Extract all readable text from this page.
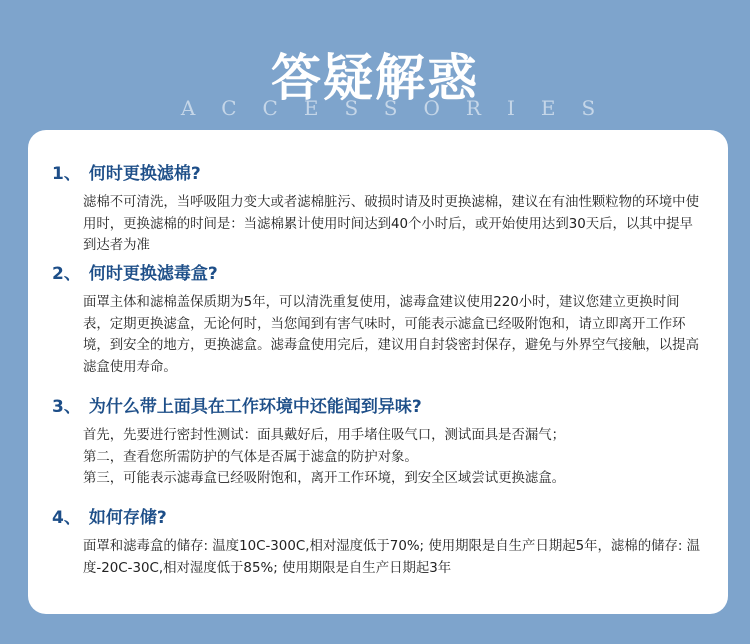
答疑解惑
ACCESSORIES
1、 何时更换滤棉?

滤棉不可清洗，当呼吸阻力变大或者滤棉脏污、破损时请及时更换滤棉，建议在有油性颗粒物的环境中使用时，更换滤棉的时间是：当滤棉累计使用时间达到40个小时后，或开始使用达到30天后，以其中提早到达者为准

2、 何时更换滤毒盒?

面罩主体和滤棉盖保质期为5年，可以清洗重复使用，滤毒盒建议使用220小时，建议您建立更换时间表，定期更换滤盒，无论何时，当您闻到有害气味时，可能表示滤盒已经吸附饱和，请立即离开工作环境，到安全的地方，更换滤盒。滤毒盒使用完后，建议用自封袋密封保存，避免与外界空气接触，以提高滤盒使用寿命。

3、 为什么带上面具在工作环境中还能闻到异味?

首先，先要进行密封性测试：面具戴好后，用手堵住吸气口，测试面具是否漏气；

第二，查看您所需防护的气体是否属于滤盒的防护对象。

第三，可能表示滤毒盒已经吸附饱和，离开工作环境，到安全区域尝试更换滤盒。

4、 如何存储?

面罩和滤毒盒的储存: 温度10C-300C,相对湿度低于70%; 使用期限是自生产日期起5年，滤棉的储存: 温度-20C-30C,相对湿度低于85%; 使用期限是自生产日期起3年
